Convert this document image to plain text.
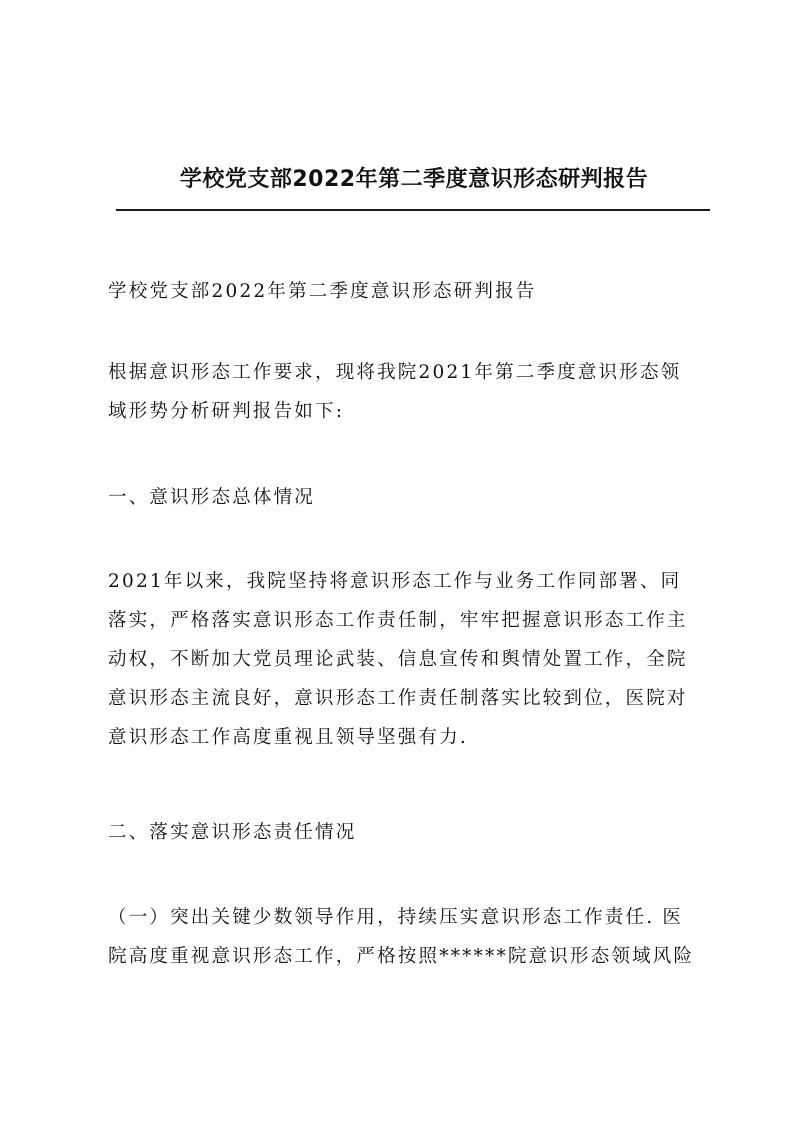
学校党支部2022年第二季度意识形态研判报告

学校党支部2022年第二季度意识形态研判报告

根据意识形态工作要求，现将我院2021年第二季度意识形态领
域形势分析研判报告如下:

一、意识形态总体情况

2021年以来，我院坚持将意识形态工作与业务工作同部署、同
落实，严格落实意识形态工作责任制，牢牢把握意识形态工作主
动权，不断加大党员理论武装、信息宣传和舆情处置工作，全院
意识形态主流良好，意识形态工作责任制落实比较到位，医院对
意识形态工作高度重视且领导坚强有力.

二、落实意识形态责任情况

（一）突出关键少数领导作用，持续压实意识形态工作责任. 医
院高度重视意识形态工作，严格按照******院意识形态领域风险
